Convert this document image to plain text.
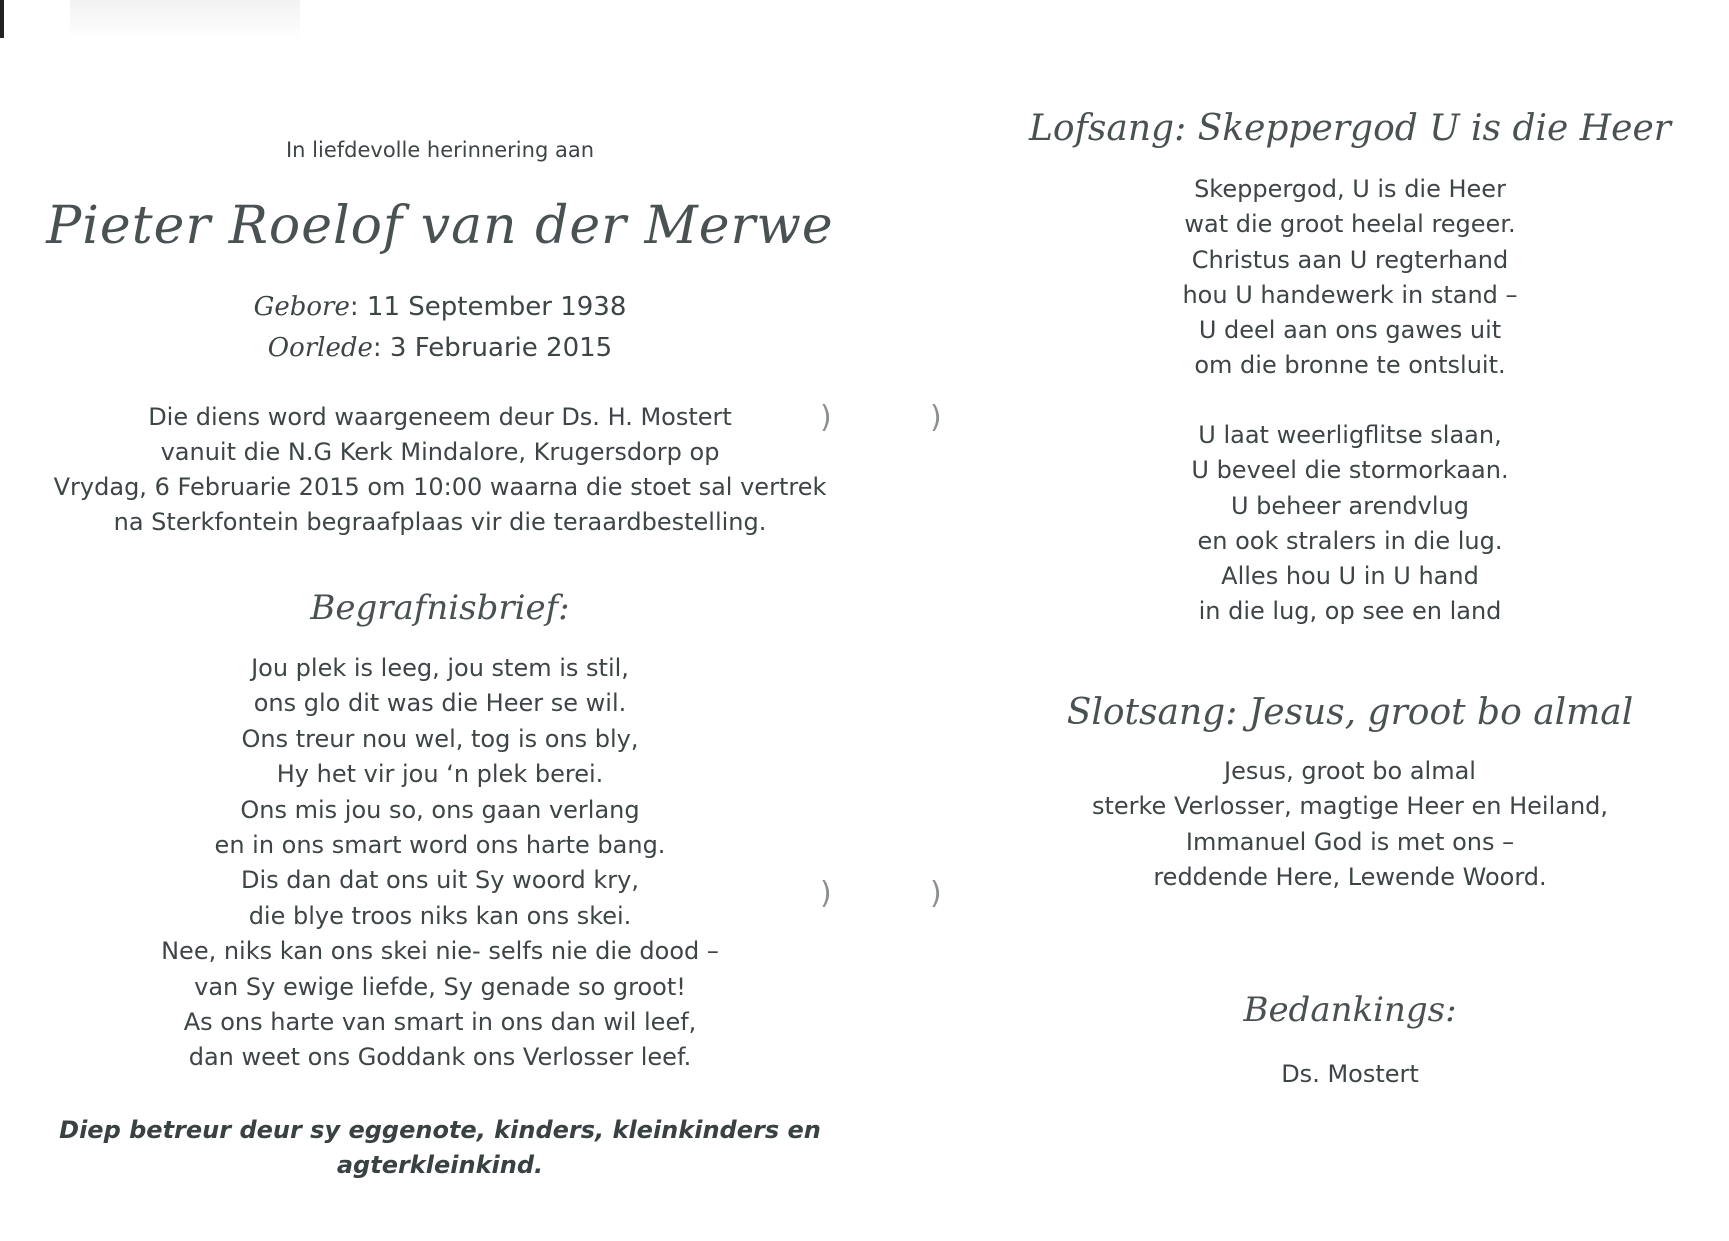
In liefdevolle herinnering aan
Pieter Roelof van der Merwe
Gebore: 11 September 1938
Oorlede: 3 Februarie 2015
Die diens word waargeneem deur Ds. H. Mostert
vanuit die N.G Kerk Mindalore, Krugersdorp op
Vrydag, 6 Februarie 2015 om 10:00 waarna die stoet sal vertrek
na Sterkfontein begraafplaas vir die teraardbestelling.
Begrafnisbrief:
Jou plek is leeg, jou stem is stil,
ons glo dit was die Heer se wil.
Ons treur nou wel, tog is ons bly,
Hy het vir jou ‘n plek berei.
Ons mis jou so, ons gaan verlang
en in ons smart word ons harte bang.
Dis dan dat ons uit Sy woord kry,
die blye troos niks kan ons skei.
Nee, niks kan ons skei nie- selfs nie die dood –
van Sy ewige liefde, Sy genade so groot!
As ons harte van smart in ons dan wil leef,
dan weet ons Goddank ons Verlosser leef.
Diep betreur deur sy eggenote, kinders, kleinkinders en
agterkleinkind.
Lofsang: Skeppergod U is die Heer
Skeppergod, U is die Heer
wat die groot heelal regeer.
Christus aan U regterhand
hou U handewerk in stand –
U deel aan ons gawes uit
om die bronne te ontsluit.
U laat weerligflitse slaan,
U beveel die stormorkaan.
U beheer arendvlug
en ook stralers in die lug.
Alles hou U in U hand
in die lug, op see en land
Slotsang: Jesus, groot bo almal
Jesus, groot bo almal
sterke Verlosser, magtige Heer en Heiland,
Immanuel God is met ons –
reddende Here, Lewende Woord.
Bedankings:
Ds. Mostert
)	)
)	)
